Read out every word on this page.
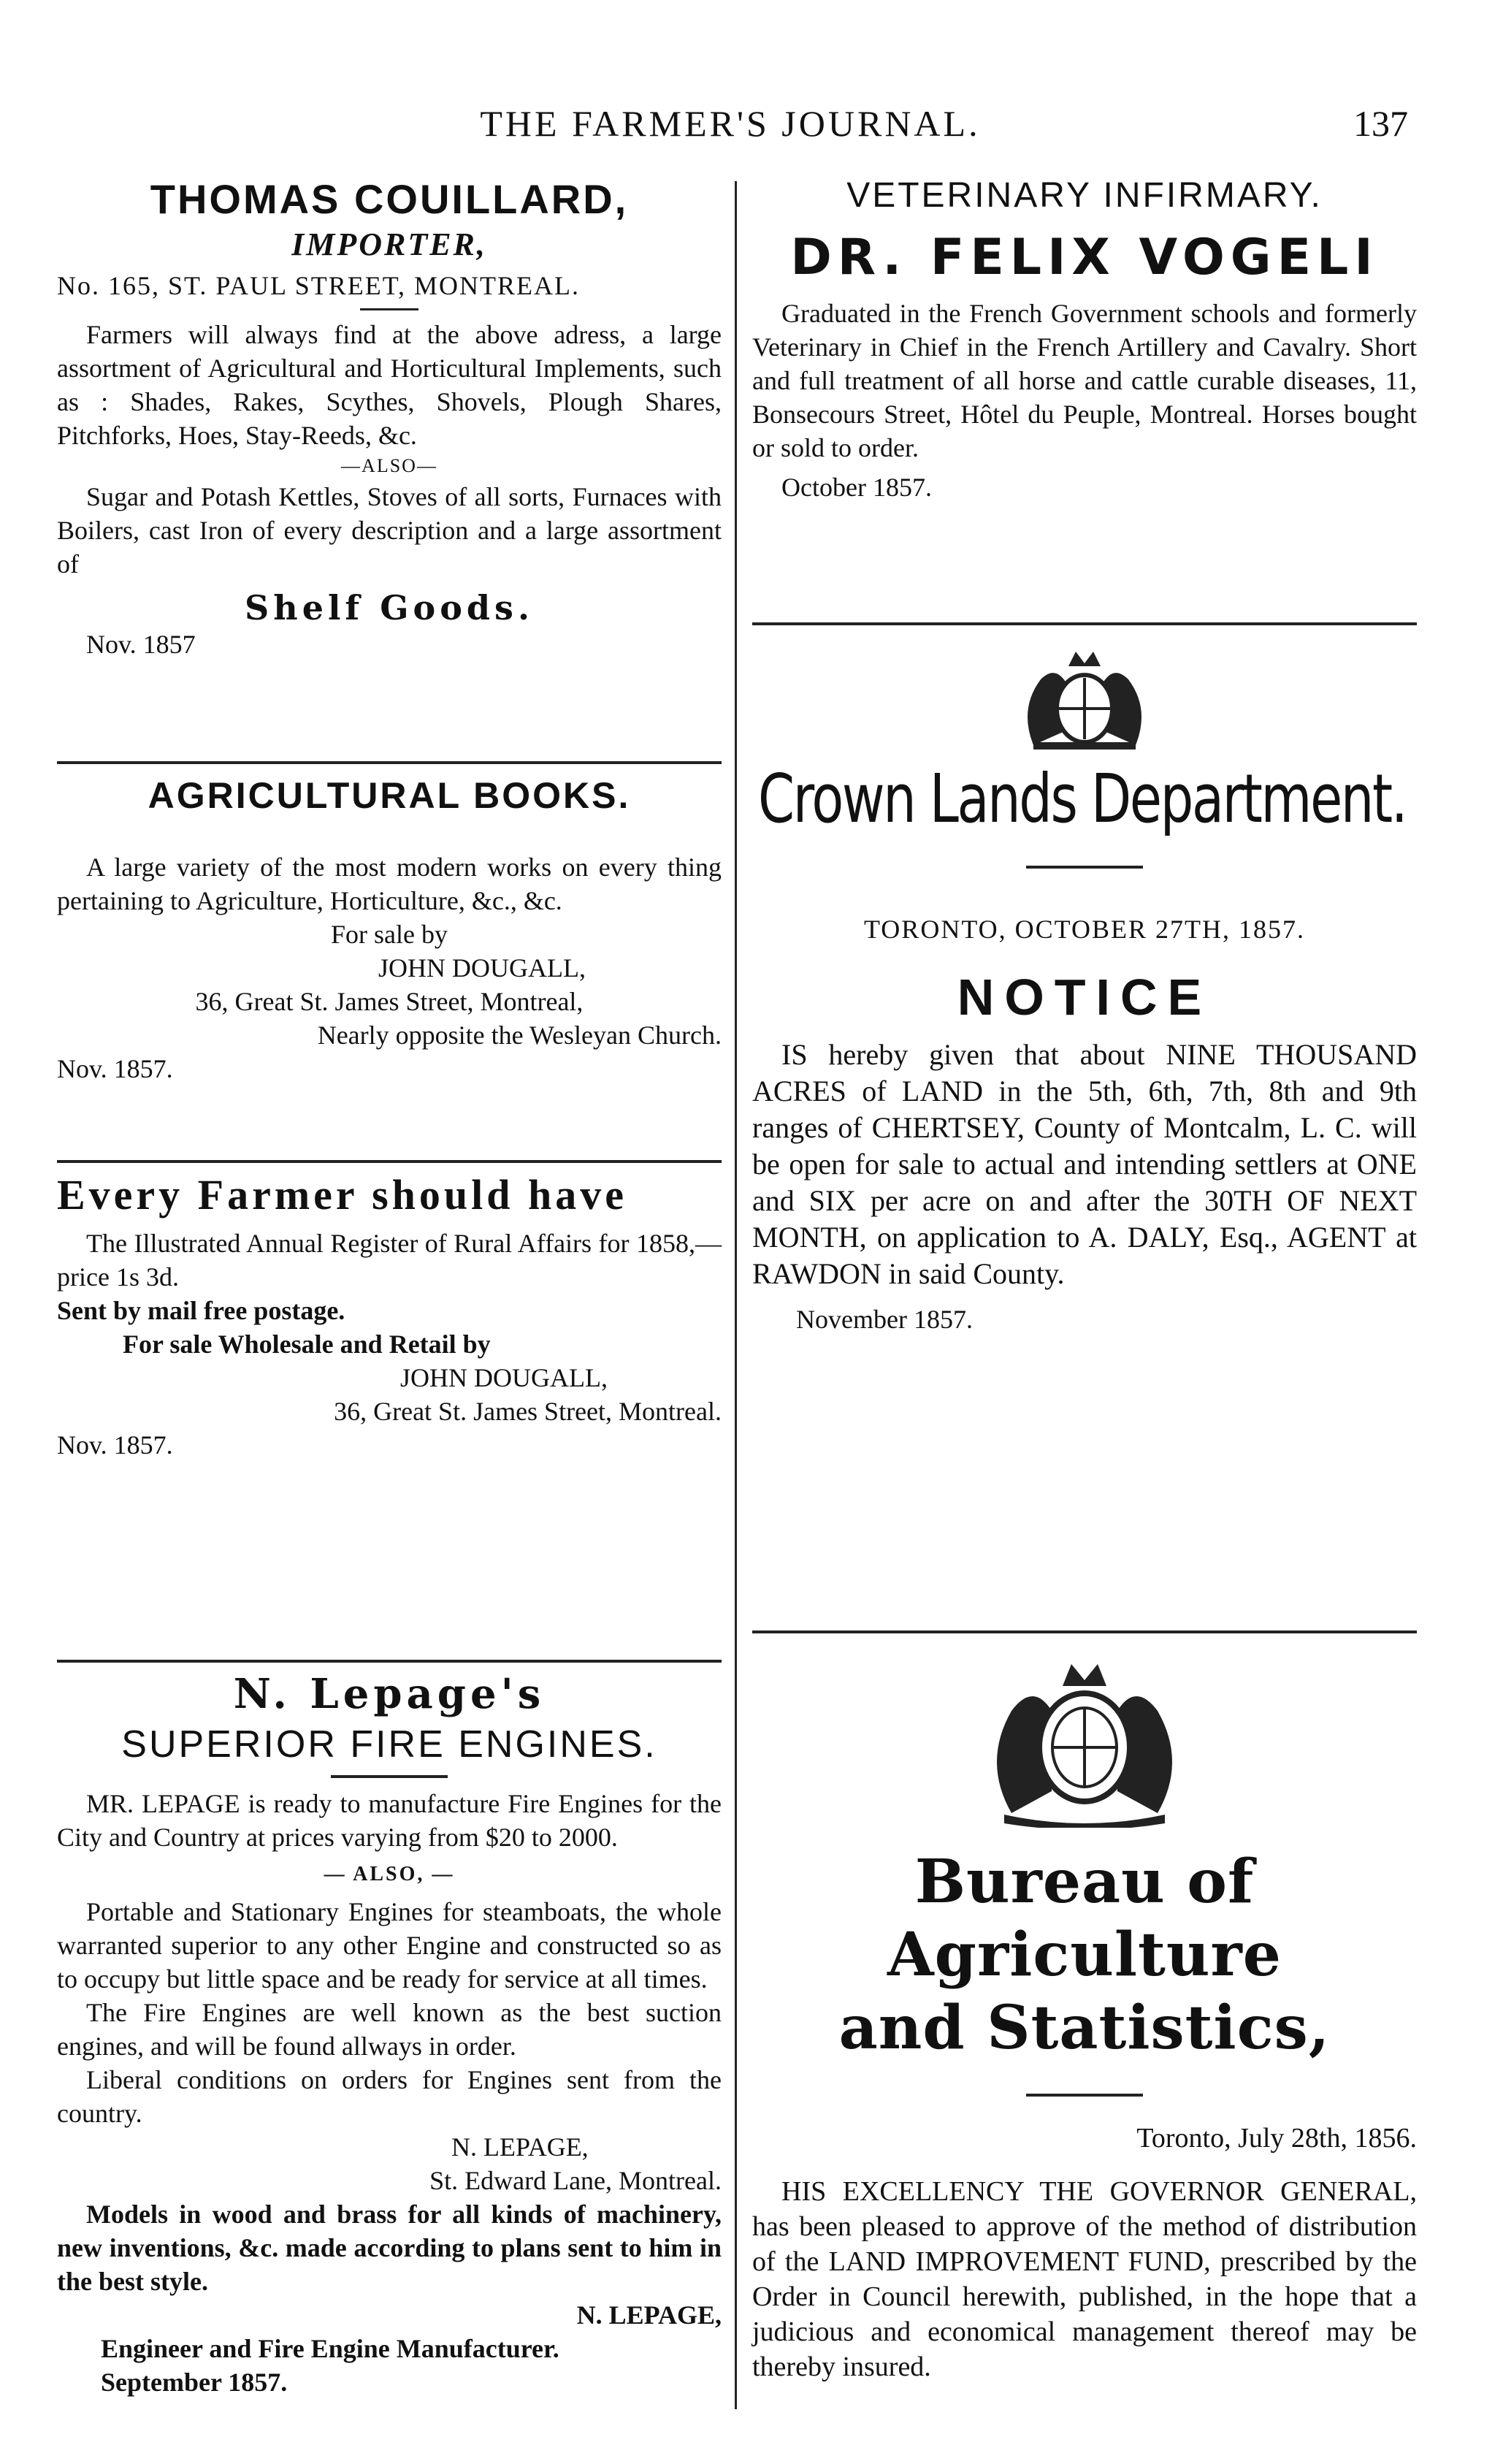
THE FARMER'S JOURNAL.	137
THOMAS COUILLARD,
IMPORTER,
No. 165, ST. PAUL STREET, MONTREAL.
Farmers will always find at the above adress, a large assortment of Agricultural and Horticultural Implements, such as : Shades, Rakes, Scythes, Shovels, Plough Shares, Pitchforks, Hoes, Stay-Reeds, &c.
—ALSO—
Sugar and Potash Kettles, Stoves of all sorts, Furnaces with Boilers, cast Iron of every description and a large assortment of
Shelf Goods.
Nov. 1857
AGRICULTURAL BOOKS.
A large variety of the most modern works on every thing pertaining to Agriculture, Horticulture, &c., &c.
For sale by
JOHN DOUGALL,
36, Great St. James Street, Montreal,
Nearly opposite the Wesleyan Church.
Nov. 1857.
Every Farmer should have
The Illustrated Annual Register of Rural Affairs for 1858,—price 1s 3d.
Sent by mail free postage.
For sale Wholesale and Retail by
JOHN DOUGALL,
36, Great St. James Street, Montreal.
Nov. 1857.
N. Lepage's
SUPERIOR FIRE ENGINES.
MR. LEPAGE is ready to manufacture Fire Engines for the City and Country at prices varying from $20 to 2000.
— ALSO, —
Portable and Stationary Engines for steamboats, the whole warranted superior to any other Engine and constructed so as to occupy but little space and be ready for service at all times.
The Fire Engines are well known as the best suction engines, and will be found allways in order.
Liberal conditions on orders for Engines sent from the country.
N. LEPAGE,
St. Edward Lane, Montreal.
Models in wood and brass for all kinds of machinery, new inventions, &c. made according to plans sent to him in the best style.
N. LEPAGE,
Engineer and Fire Engine Manufacturer.
September 1857.
VETERINARY INFIRMARY.
DR. FELIX VOGELI
Graduated in the French Government schools and formerly Veterinary in Chief in the French Artillery and Cavalry. Short and full treatment of all horse and cattle curable diseases, 11, Bonsecours Street, Hôtel du Peuple, Montreal. Horses bought or sold to order.
October 1857.
Crown Lands Department.
TORONTO, OCTOBER 27TH, 1857.
NOTICE
IS hereby given that about NINE THOUSAND ACRES of LAND in the 5th, 6th, 7th, 8th and 9th ranges of CHERTSEY, County of Montcalm, L. C. will be open for sale to actual and intending settlers at ONE and SIX per acre on and after the 30TH OF NEXT MONTH, on application to A. DALY, Esq., AGENT at RAWDON in said County.
November 1857.
Bureau of Agriculture
and Statistics,
Toronto, July 28th, 1856.
HIS EXCELLENCY THE GOVERNOR GENERAL, has been pleased to approve of the method of distribution of the LAND IMPROVEMENT FUND, prescribed by the Order in Council herewith, published, in the hope that a judicious and economical management thereof may be thereby insured.
